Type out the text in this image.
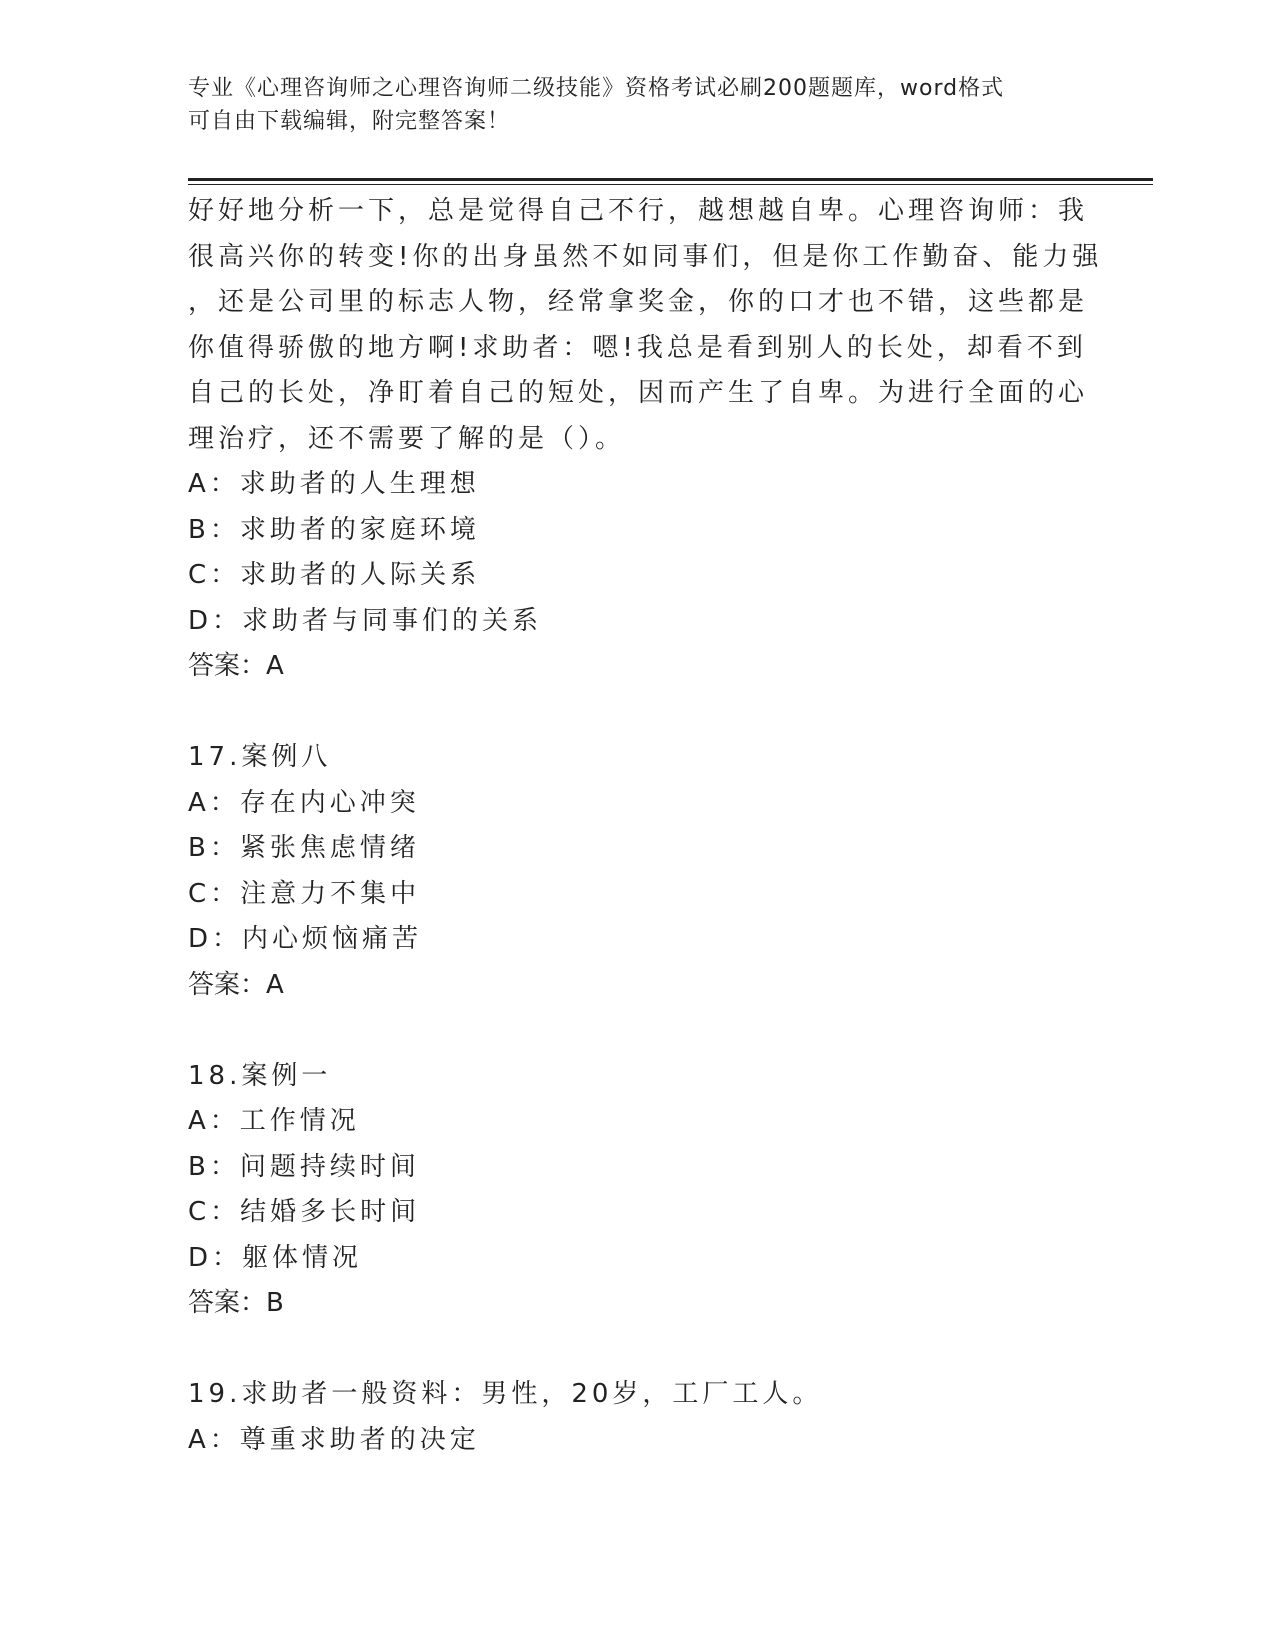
专业《心理咨询师之心理咨询师二级技能》资格考试必刷200题题库，word格式
可自由下载编辑，附完整答案！
好好地分析一下，总是觉得自己不行，越想越自卑。心理咨询师：我
很高兴你的转变!你的出身虽然不如同事们，但是你工作勤奋、能力强
，还是公司里的标志人物，经常拿奖金，你的口才也不错，这些都是
你值得骄傲的地方啊!求助者：嗯!我总是看到别人的长处，却看不到
自己的长处，净盯着自己的短处，因而产生了自卑。为进行全面的心
理治疗，还不需要了解的是（）。
A：求助者的人生理想
B：求助者的家庭环境
C：求助者的人际关系
D：求助者与同事们的关系
答案：A
17.案例八
A：存在内心冲突
B：紧张焦虑情绪
C：注意力不集中
D：内心烦恼痛苦
答案：A
18.案例一
A：工作情况
B：问题持续时间
C：结婚多长时间
D：躯体情况
答案：B
19.求助者一般资料：男性，20岁，工厂工人。
A：尊重求助者的决定
